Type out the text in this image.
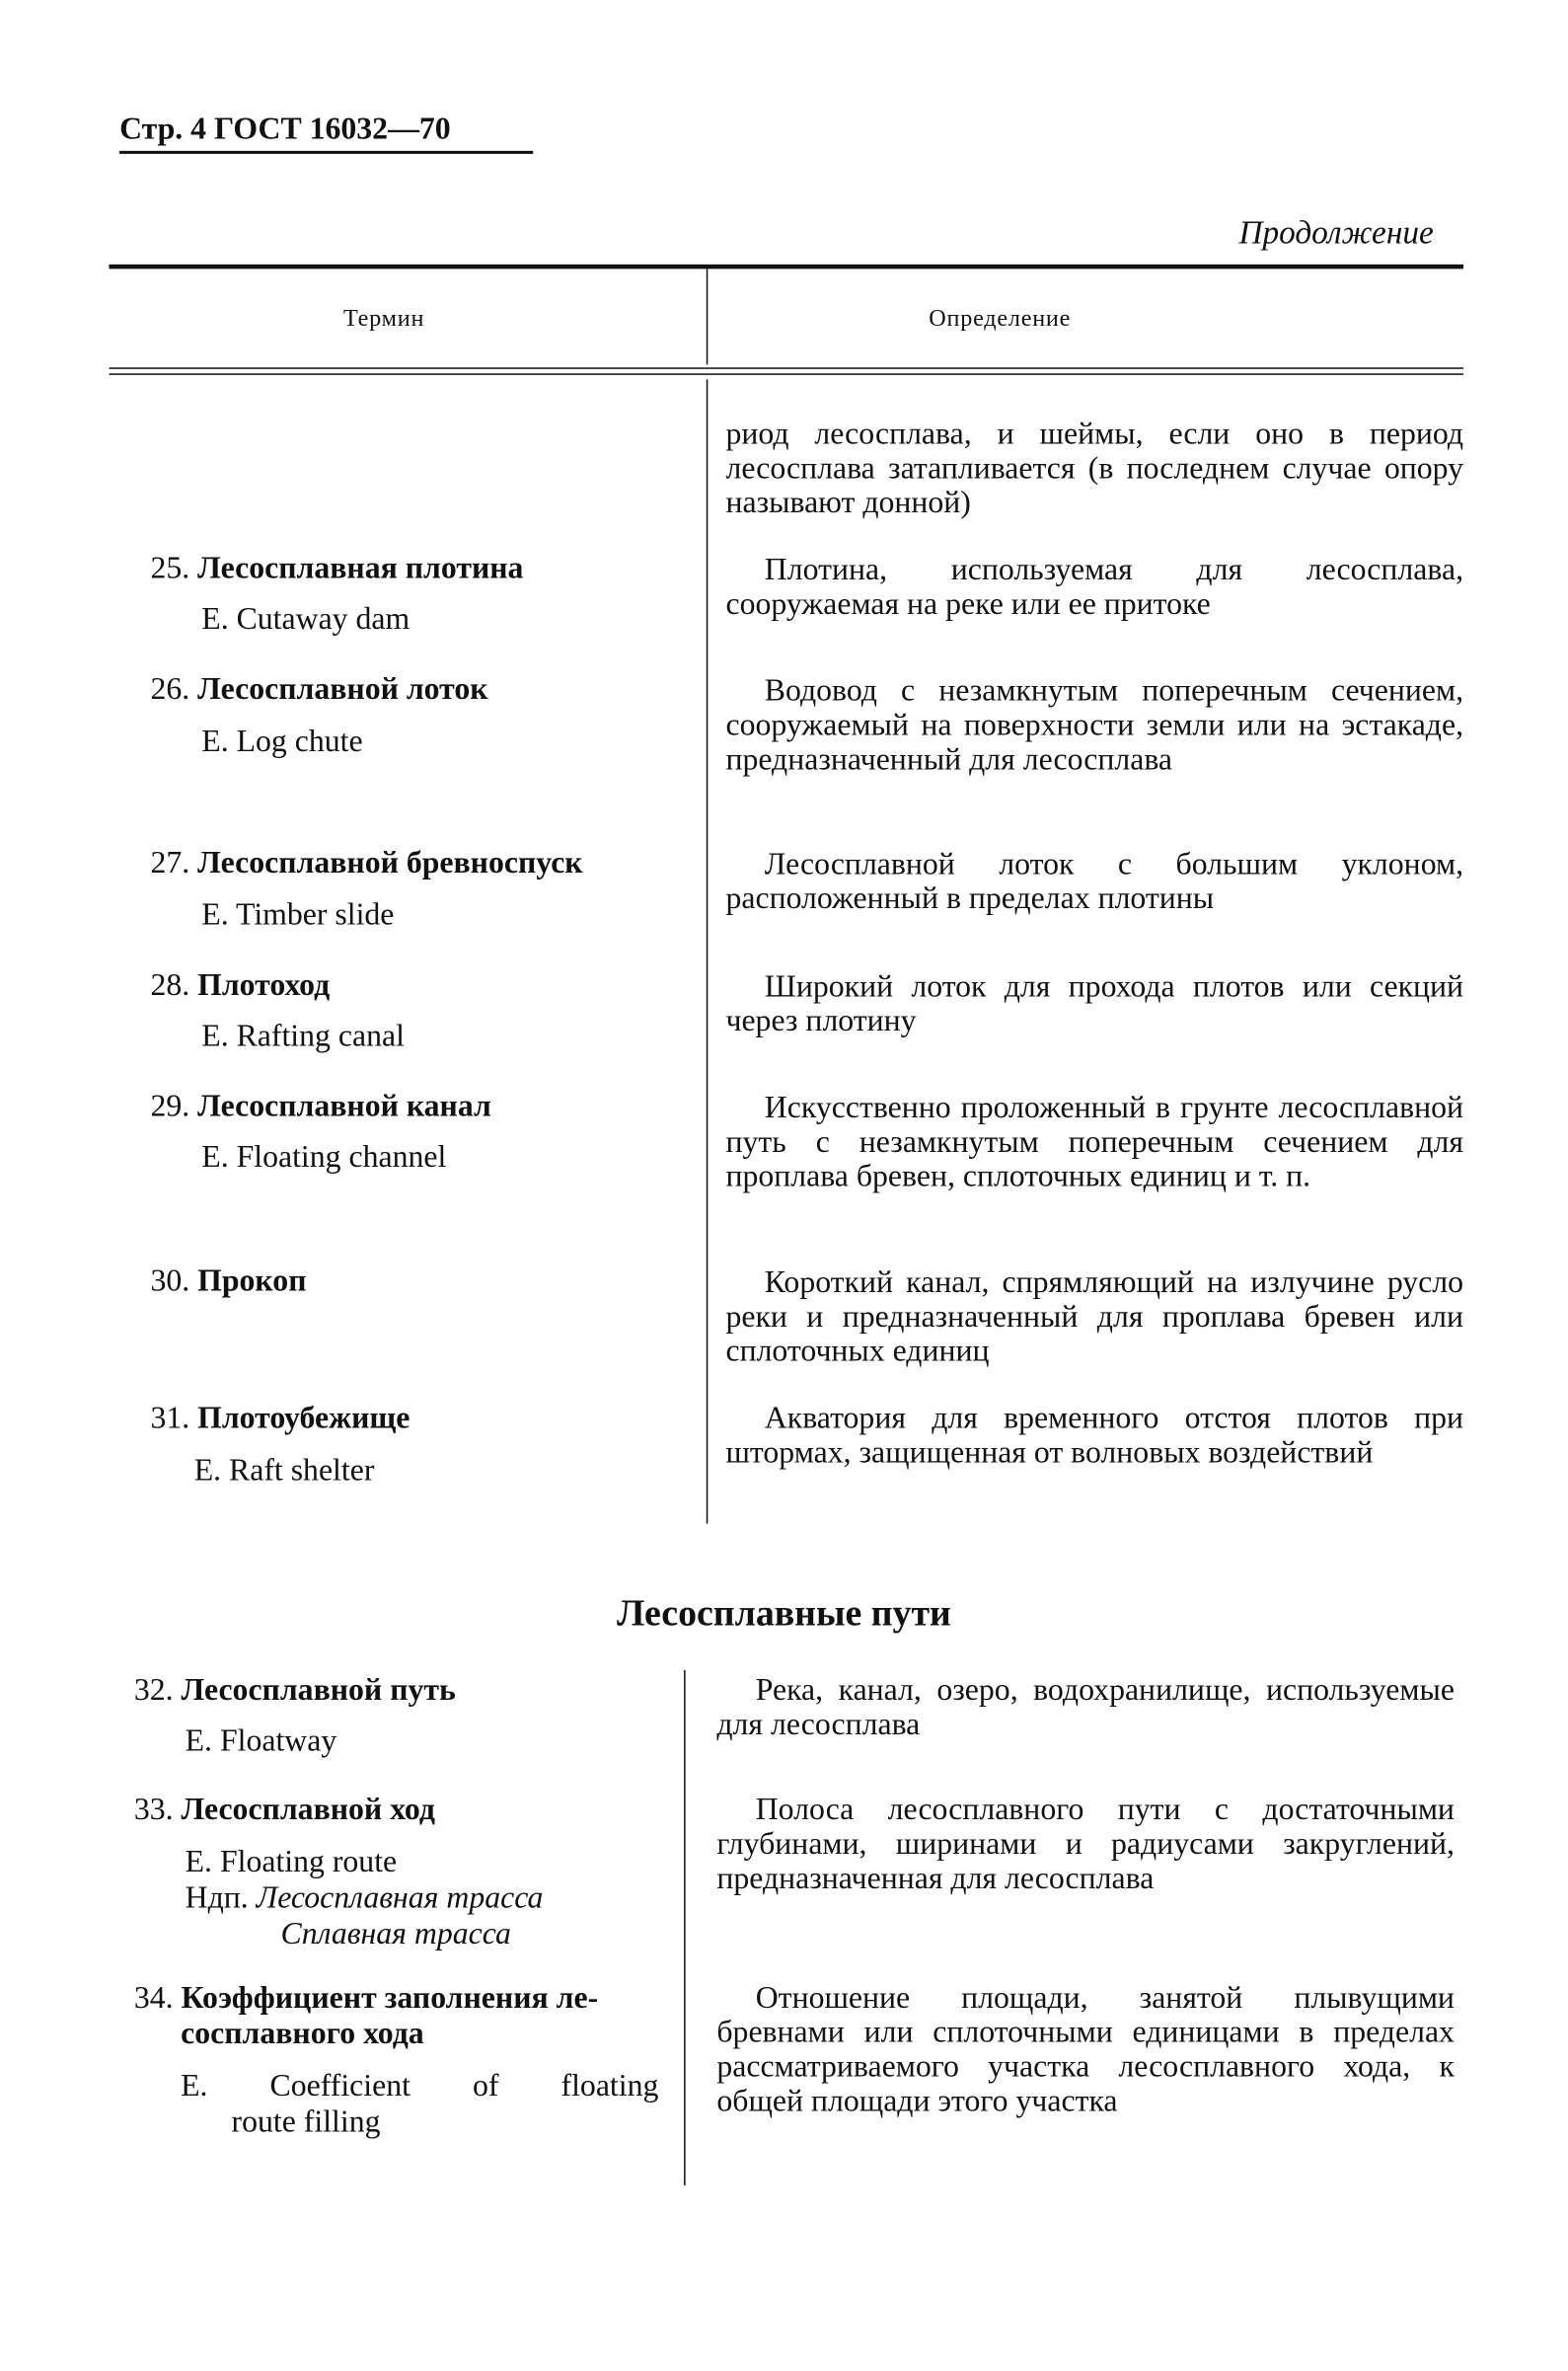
Стр. 4 ГОСТ 16032—70
Продолжение
Термин	Определение

риод лесосплава, и шеймы, если оно в период лесосплава затапливается (в последнем случае опору называют донной)

25. Лесосплавная плотина
E. Cutaway dam

Плотина, используемая для лесосплава, сооружаемая на реке или ее притоке

26. Лесосплавной лоток
E. Log chute

Водовод с незамкнутым поперечным сечением, сооружаемый на поверхности земли или на эстакаде, предназначенный для лесосплава

27. Лесосплавной бревноспуск
E. Timber slide

Лесосплавной лоток с большим уклоном, расположенный в пределах плотины

28. Плотоход
E. Rafting canal

Широкий лоток для прохода плотов или секций через плотину

29. Лесосплавной канал
E. Floating channel

Искусственно проложенный в грунте лесосплавной путь с незамкнутым поперечным сечением для проплава бревен, сплоточных единиц и т. п.

30. Прокоп	Короткий канал, спрямляющий на излучине русло реки и предназначенный для проплава бревен или сплоточных единиц

31. Плотоубежище
E. Raft shelter

Акватория для временного отстоя плотов при штормах, защищенная от волновых воздействий

Лесосплавные пути
32. Лесосплавной путь
E. Floatway

Река, канал, озеро, водохранилище, используемые для лесосплава

33. Лесосплавной ход
E. Floating route
Ндп. Лесосплавная трасса
Сплавная трасса

Полоса лесосплавного пути с достаточными глубинами, ширинами и радиусами закруглений, предназначенная для лесосплава

34. Коэффициент заполнения ле-
сосплавного хода
E. Coefficient of floating
route filling

Отношение площади, занятой плывущими бревнами или сплоточными единицами в пределах рассматриваемого участка лесосплавного хода, к общей площади этого участка
